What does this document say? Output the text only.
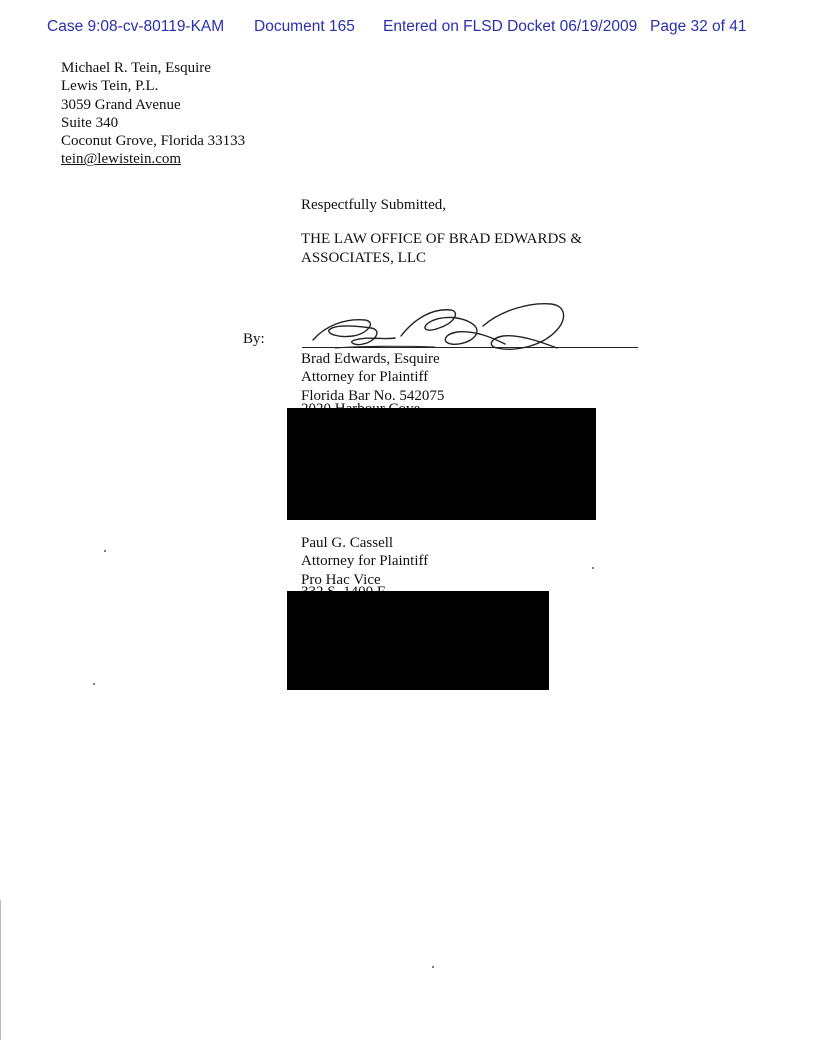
Case 9:08-cv-80119-KAM Document 165 Entered on FLSD Docket 06/19/2009 Page 32 of 41
Michael R. Tein, Esquire
Lewis Tein, P.L.
3059 Grand Avenue
Suite 340
Coconut Grove, Florida 33133
tein@lewistein.com
Respectfully Submitted,
THE LAW OFFICE OF BRAD EDWARDS &
ASSOCIATES, LLC
By:
Brad Edwards, Esquire
Attorney for Plaintiff
Florida Bar No. 542075
Paul G. Cassell
Attorney for Plaintiff
Pro Hac Vice
